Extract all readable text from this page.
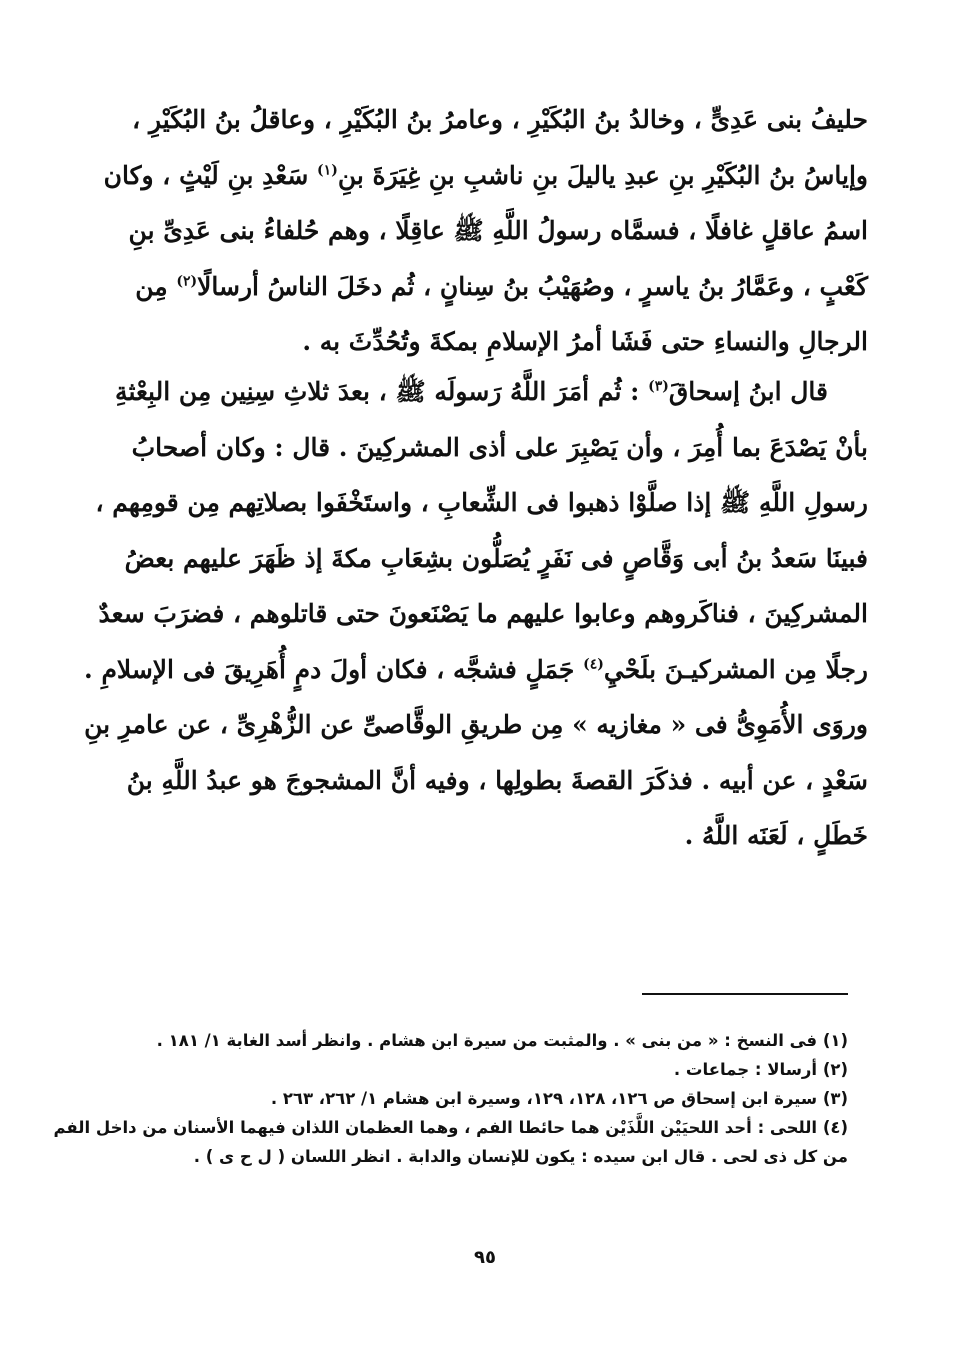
حليفُ بنى عَدِىٍّ ، وخالدُ بنُ البُكَيْرِ ، وعامرُ بنُ البُكَيْرِ ، وعاقلُ بنُ البُكَيْرِ ،
وإياسُ بنُ البُكَيْرِ بنِ عبدِ ياليلَ بنِ ناشبِ بنِ غِيَرَةَ بنِ$^{(١)}$ سَعْدِ بنِ لَيْثٍ ، وكان
اسمُ عاقلٍ غافلًا ، فسمَّاه رسولُ اللَّهِ ﷺ عاقِلًا ، وهم حُلفاءُ بنى عَدِىِّ بنِ
كَعْبٍ ، وعَمَّارُ بنُ ياسرٍ ، وصُهَيْبُ بنُ سِنانٍ ، ثُم دخَلَ الناسُ أرسالًا$^{(٢)}$ مِن
الرجالِ والنساءِ حتى فَشَا أمرُ الإسلامِ بمكةَ وتُحُدِّثَ به .
قال ابنُ إسحاقَ$^{(٣)}$ : ثُم أمَرَ اللَّهُ رَسولَه ﷺ ، بعدَ ثلاثِ سِنِين مِن البِعْثةِ
بأنْ يَصْدَعَ بما أُمِرَ ، وأن يَصْبِرَ على أذى المشركِينَ . قال : وكان أصحابُ
رسولِ اللَّهِ ﷺ إذا صلَّوْا ذهبوا فى الشِّعابِ ، واستَخْفَوا بصلاتِهم مِن قومِهم ،
فبينَا سَعدُ بنُ أبى وَقَّاصٍ فى نَفَرٍ يُصَلُّون بشِعَابِ مكةَ إذ ظَهَرَ عليهم بعضُ
المشركِينَ ، فناكَروهم وعابوا عليهم ما يَصْنَعونَ حتى قاتلوهم ، فضرَبَ سعدٌ
رجلًا مِن المشركيـنَ بلَحْيِ$^{(٤)}$ جَمَلٍ فشجَّه ، فكان أولَ دمٍ أُهَرِيقَ فى الإسلامِ .
وروَى الأُمَوِىُّ فى « مغازيه » مِن طريقِ الوقَّاصىِّ عن الزُّهْرِىِّ ، عن عامرِ بنِ
سَعْدٍ ، عن أبيه . فذكَرَ القصةَ بطولِها ، وفيه أنَّ المشجوجَ هو عبدُ اللَّهِ بنُ
خَطَلٍ ، لَعَنَه اللَّهُ .
(١) فى النسخ : « من بنى » . والمثبت من سيرة ابن هشام . وانظر أسد الغابة ١/ ١٨١ .
(٢) أرسالا : جماعات .
(٣) سيرة ابن إسحاق ص ١٢٦، ١٢٨، ١٢٩، وسيرة ابن هشام ١/ ٢٦٢، ٢٦٣ .
(٤) اللحى : أحد اللحيَيْن اللَّذَيْن هما حائطا الفم ، وهما العظمان اللذان فيهما الأسنان من داخل الفم
من كل ذى لحى . قال ابن سيده : يكون للإنسان والدابة . انظر اللسان ( ل ح ى ) .
٩٥
